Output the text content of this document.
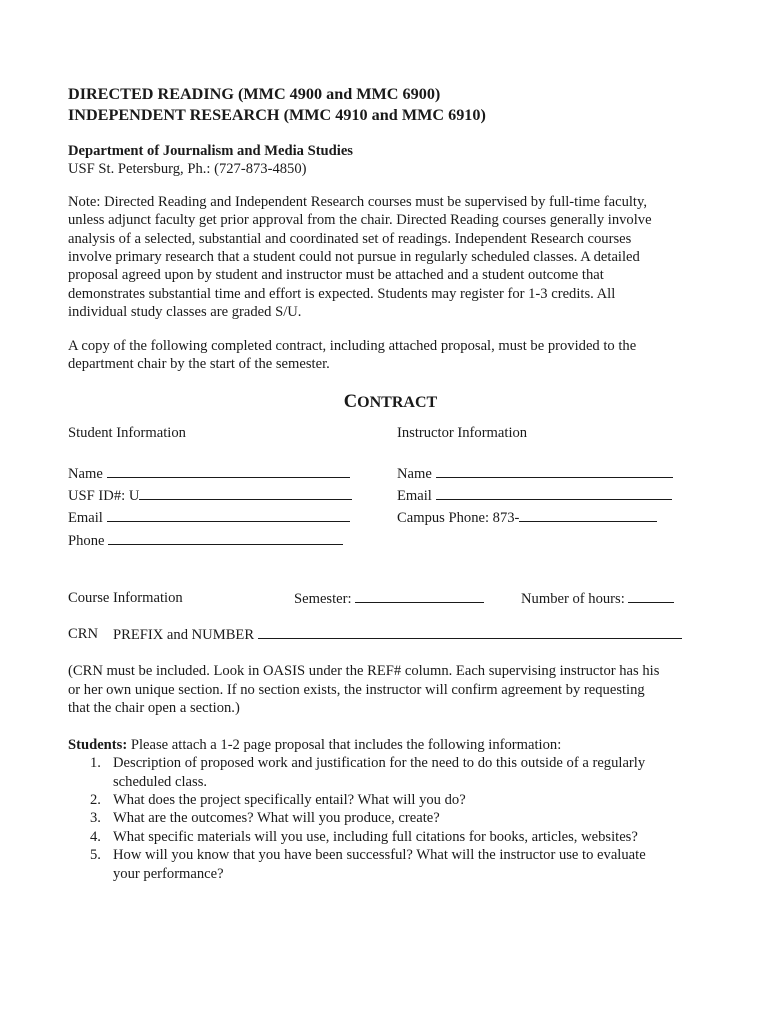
DIRECTED READING (MMC 4900 and MMC 6900)
INDEPENDENT RESEARCH (MMC 4910 and MMC 6910)
Department of Journalism and Media Studies
USF St. Petersburg, Ph.: (727-873-4850)
Note: Directed Reading and Independent Research courses must be supervised by full-time faculty,
unless adjunct faculty get prior approval from the chair. Directed Reading courses generally involve
analysis of a selected, substantial and coordinated set of readings. Independent Research courses
involve primary research that a student could not pursue in regularly scheduled classes. A detailed
proposal agreed upon by student and instructor must be attached and a student outcome that
demonstrates substantial time and effort is expected. Students may register for 1-3 credits. All
individual study classes are graded S/U.
A copy of the following completed contract, including attached proposal, must be provided to the
department chair by the start of the semester.
CONTRACT
Student Information	Instructor Information
Name	Name
USF ID#: U	Email
Email	Campus Phone: 873-
Phone
Course Information	Semester:	Number of hours:
CRN PREFIX and NUMBER
(CRN must be included. Look in OASIS under the REF# column. Each supervising instructor has his
or her own unique section. If no section exists, the instructor will confirm agreement by requesting
that the chair open a section.)
Students: Please attach a 1-2 page proposal that includes the following information:
1. Description of proposed work and justification for the need to do this outside of a regularly
scheduled class.
2. What does the project specifically entail? What will you do?
3. What are the outcomes? What will you produce, create?
4. What specific materials will you use, including full citations for books, articles, websites?
5. How will you know that you have been successful? What will the instructor use to evaluate
your performance?
